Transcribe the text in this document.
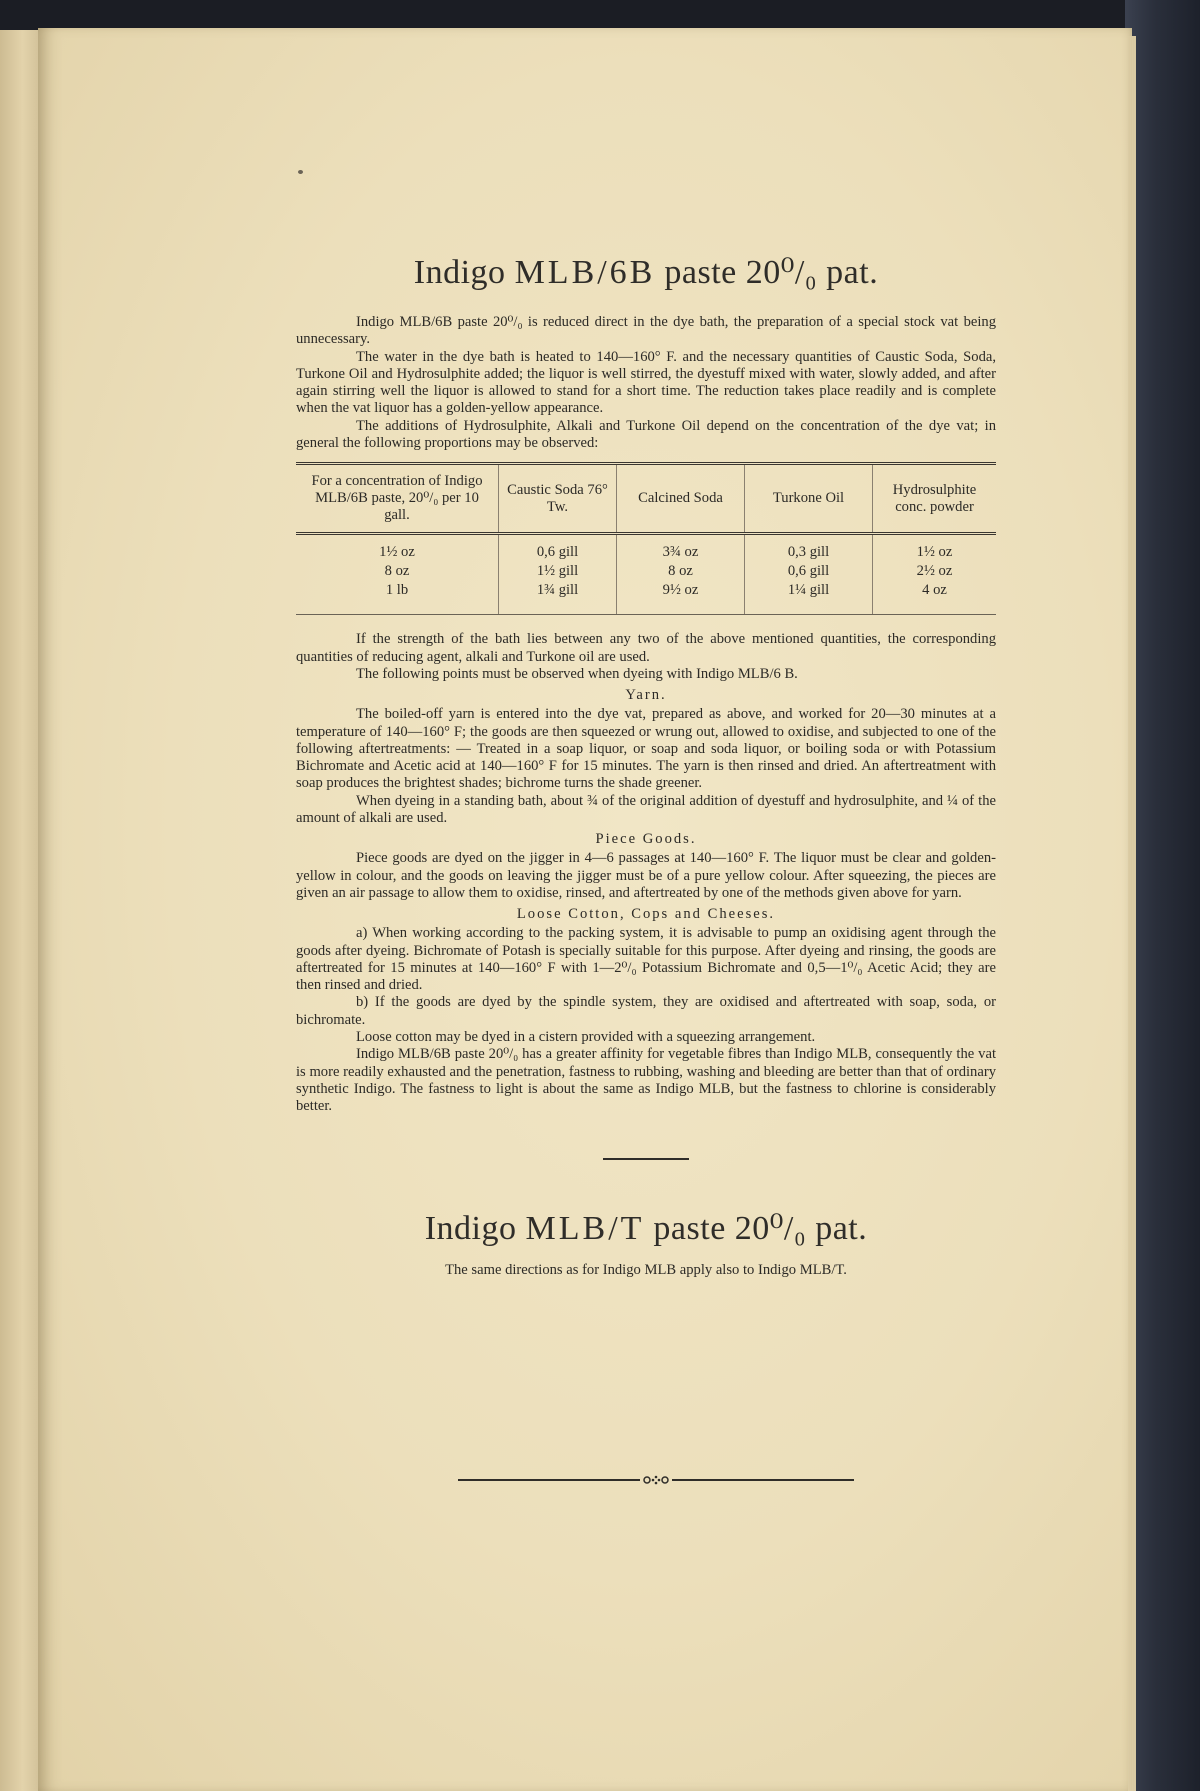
Indigo MLB/6B paste 20⁰/₀ pat.

Indigo MLB/6B paste 20⁰/₀ is reduced direct in the dye bath, the preparation of a special stock vat being unnecessary.

The water in the dye bath is heated to 140—160° F. and the necessary quantities of Caustic Soda, Soda, Turkone Oil and Hydrosulphite added; the liquor is well stirred, the dyestuff mixed with water, slowly added, and after again stirring well the liquor is allowed to stand for a short time. The reduction takes place readily and is complete when the vat liquor has a golden-yellow appearance.

The additions of Hydrosulphite, Alkali and Turkone Oil depend on the concentration of the dye vat; in general the following proportions may be observed:

For a concentration of Indigo MLB/6B paste, 20⁰/₀ per 10 gall.	Caustic Soda 76° Tw.	Calcined Soda	Turkone Oil	Hydrosulphite conc. powder
1½ oz	0,6 gill	3¾ oz	0,3 gill	1½ oz
8 oz	1½ gill	8 oz	0,6 gill	2½ oz
1 lb	1¾ gill	9½ oz	1¼ gill	4 oz

If the strength of the bath lies between any two of the above mentioned quantities, the corresponding quantities of reducing agent, alkali and Turkone oil are used.

The following points must be observed when dyeing with Indigo MLB/6 B.

Yarn.

The boiled-off yarn is entered into the dye vat, prepared as above, and worked for 20—30 minutes at a temperature of 140—160° F; the goods are then squeezed or wrung out, allowed to oxidise, and subjected to one of the following aftertreatments: — Treated in a soap liquor, or soap and soda liquor, or boiling soda or with Potassium Bichromate and Acetic acid at 140—160° F for 15 minutes. The yarn is then rinsed and dried. An aftertreatment with soap produces the brightest shades; bichrome turns the shade greener.

When dyeing in a standing bath, about ¾ of the original addition of dyestuff and hydrosulphite, and ¼ of the amount of alkali are used.

Piece Goods.

Piece goods are dyed on the jigger in 4—6 passages at 140—160° F. The liquor must be clear and golden-yellow in colour, and the goods on leaving the jigger must be of a pure yellow colour. After squeezing, the pieces are given an air passage to allow them to oxidise, rinsed, and aftertreated by one of the methods given above for yarn.

Loose Cotton, Cops and Cheeses.

a) When working according to the packing system, it is advisable to pump an oxidising agent through the goods after dyeing. Bichromate of Potash is specially suitable for this purpose. After dyeing and rinsing, the goods are aftertreated for 15 minutes at 140—160° F with 1—2⁰/₀ Potassium Bichromate and 0,5—1⁰/₀ Acetic Acid; they are then rinsed and dried.

b) If the goods are dyed by the spindle system, they are oxidised and aftertreated with soap, soda, or bichromate.

Loose cotton may be dyed in a cistern provided with a squeezing arrangement.

Indigo MLB/6B paste 20⁰/₀ has a greater affinity for vegetable fibres than Indigo MLB, consequently the vat is more readily exhausted and the penetration, fastness to rubbing, washing and bleeding are better than that of ordinary synthetic Indigo. The fastness to light is about the same as Indigo MLB, but the fastness to chlorine is considerably better.

Indigo MLB/T paste 20⁰/₀ pat.
The same directions as for Indigo MLB apply also to Indigo MLB/T.
